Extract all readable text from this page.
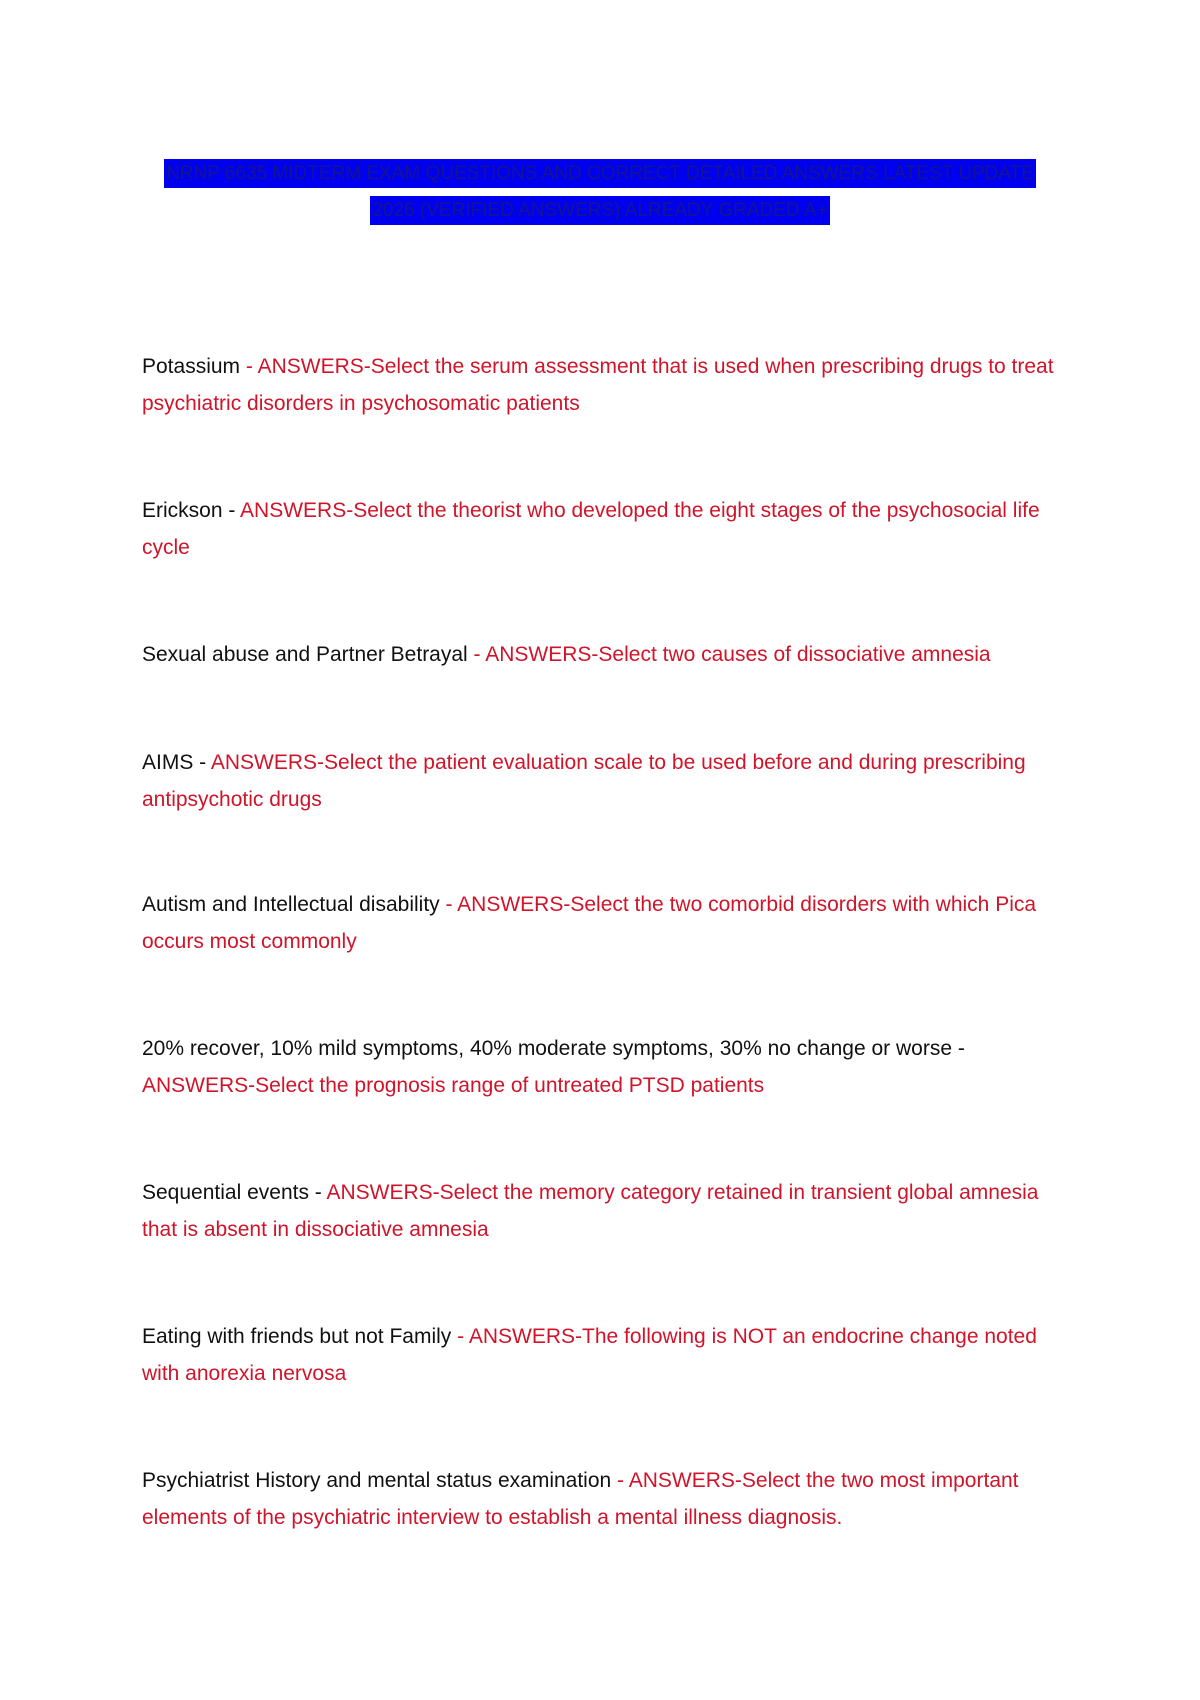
NRNP 6635 MIDTERM EXAM QUESTIONS AND CORRECT DETAILED ANSWERS LATEST UPDATE 2026 (VERIFIED ANSWERS) ALREADY GRADED A+
Potassium - ANSWERS-Select the serum assessment that is used when prescribing drugs to treat psychiatric disorders in psychosomatic patients
Erickson - ANSWERS-Select the theorist who developed the eight stages of the psychosocial life cycle
Sexual abuse and Partner Betrayal - ANSWERS-Select two causes of dissociative amnesia
AIMS - ANSWERS-Select the patient evaluation scale to be used before and during prescribing antipsychotic drugs
Autism and Intellectual disability - ANSWERS-Select the two comorbid disorders with which Pica occurs most commonly
20% recover, 10% mild symptoms, 40% moderate symptoms, 30% no change or worse - ANSWERS-Select the prognosis range of untreated PTSD patients
Sequential events - ANSWERS-Select the memory category retained in transient global amnesia that is absent in dissociative amnesia
Eating with friends but not Family - ANSWERS-The following is NOT an endocrine change noted with anorexia nervosa
Psychiatrist History and mental status examination - ANSWERS-Select the two most important elements of the psychiatric interview to establish a mental illness diagnosis.
